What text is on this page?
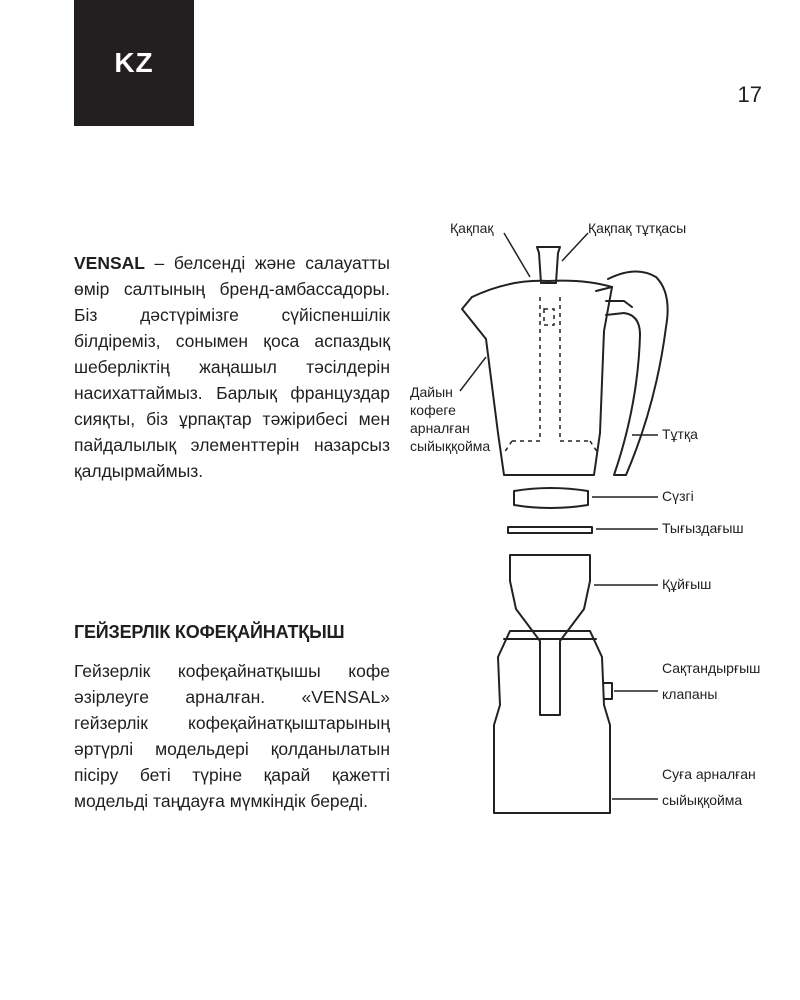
KZ
17

VENSAL – белсенді және салауатты өмір салтының бренд-амбассадоры. Біз дәстүрімізге сүйіспеншілік білдіреміз, сонымен қоса аспаздық шеберліктің жаңашыл тәсілдерін насихаттаймыз. Барлық француздар сияқты, біз ұрпақтар тәжірибесі мен пайдалылық элементтерін назарсыз қалдырмаймыз.

ГЕЙЗЕРЛІК КОФЕҚАЙНАТҚЫШ

Гейзерлік кофеқайнатқышы кофе әзірлеуге арналған. «VENSAL» гейзерлік кофеқайнатқыштарының әртүрлі модельдері қолданылатын пісіру беті түріне қарай қажетті модельді таңдауға мүмкіндік береді.

Қақпақ	Қақпақ тұтқасы
Дайын кофеге арналған сыйыққойма
Тұтқа
Сүзгі
Тығыздағыш
Құйғыш
Сақтандырғыш клапаны
Суға арналған сыйыққойма
